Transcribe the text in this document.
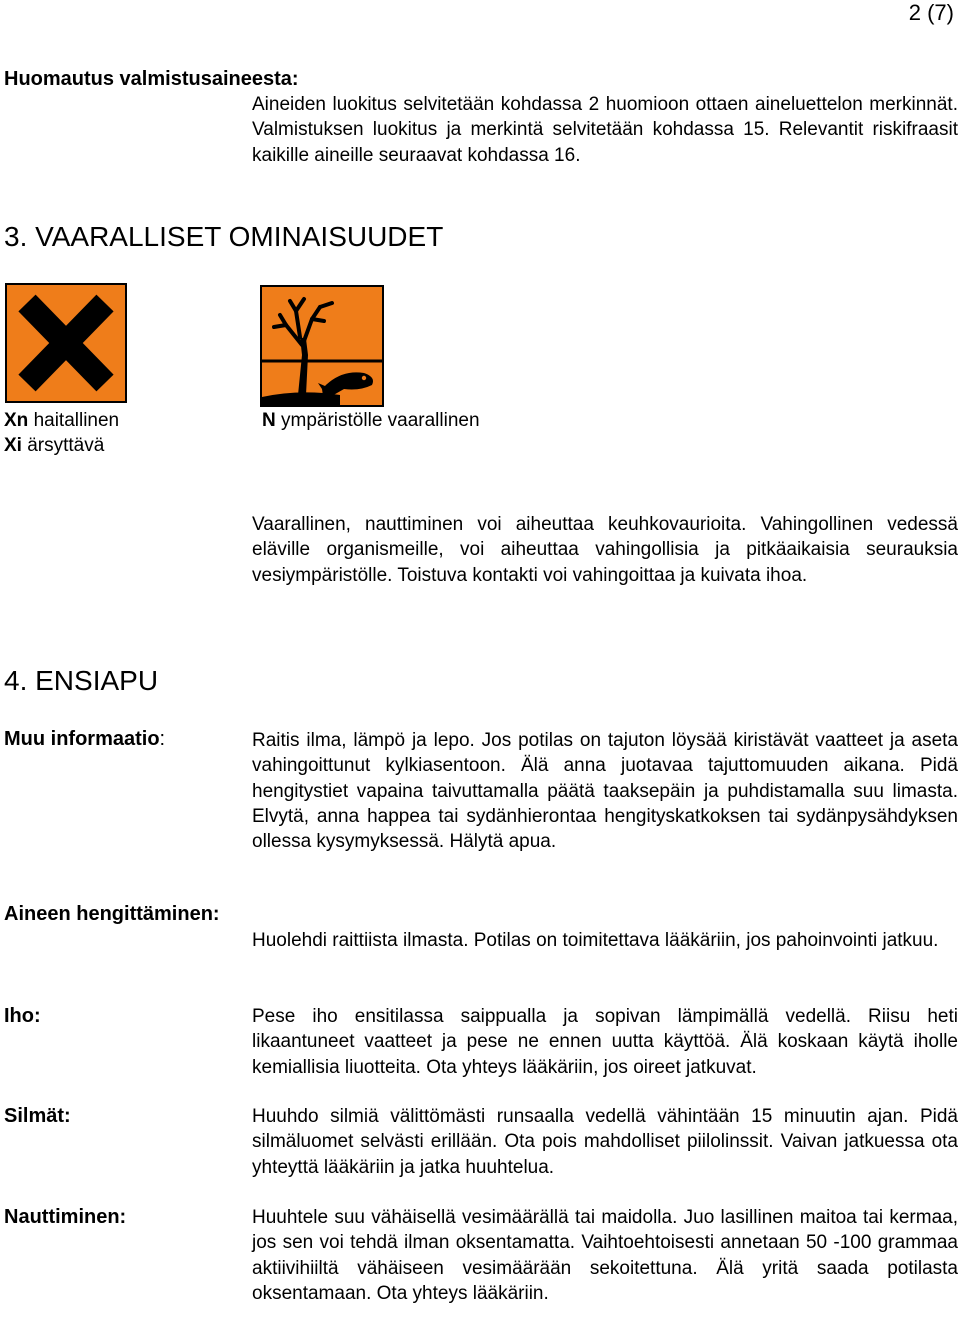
2 (7)
Huomautus valmistusaineesta:
Aineiden luokitus selvitetään kohdassa 2 huomioon ottaen aineluettelon merkinnät. Valmistuksen luokitus ja merkintä selvitetään kohdassa 15. Relevantit riskifraasit kaikille aineille seuraavat kohdassa 16.
3. VAARALLISET OMINAISUUDET
Xn haitallinen
Xi ärsyttävä
N ympäristölle vaarallinen
Vaarallinen, nauttiminen voi aiheuttaa keuhkovaurioita. Vahingollinen vedessä eläville organismeille, voi aiheuttaa vahingollisia ja pitkäaikaisia seurauksia vesiympäristölle. Toistuva kontakti voi vahingoittaa ja kuivata ihoa.
4. ENSIAPU
Muu informaatio:	Raitis ilma, lämpö ja lepo. Jos potilas on tajuton löysää kiristävät vaatteet ja aseta vahingoittunut kylkiasentoon. Älä anna juotavaa tajuttomuuden aikana. Pidä hengitystiet vapaina taivuttamalla päätä taaksepäin ja puhdistamalla suu limasta. Elvytä, anna happea tai sydänhierontaa hengityskatkoksen tai sydänpysähdyksen ollessa kysymyksessä. Hälytä apua.
Aineen hengittäminen:
Huolehdi raittiista ilmasta. Potilas on toimitettava lääkäriin, jos pahoinvointi jatkuu.
Iho:	Pese iho ensitilassa saippualla ja sopivan lämpimällä vedellä. Riisu heti likaantuneet vaatteet ja pese ne ennen uutta käyttöä. Älä koskaan käytä iholle kemiallisia liuotteita. Ota yhteys lääkäriin, jos oireet jatkuvat.
Silmät:	Huuhdo silmiä välittömästi runsaalla vedellä vähintään 15 minuutin ajan. Pidä silmäluomet selvästi erillään. Ota pois mahdolliset piilolinssit. Vaivan jatkuessa ota yhteyttä lääkäriin ja jatka huuhtelua.
Nauttiminen:	Huuhtele suu vähäisellä vesimäärällä tai maidolla. Juo lasillinen maitoa tai kermaa, jos sen voi tehdä ilman oksentamatta. Vaihtoehtoisesti annetaan 50 -100 grammaa aktiivihiiltä vähäiseen vesimäärään sekoitettuna. Älä yritä saada potilasta oksentamaan. Ota yhteys lääkäriin.
